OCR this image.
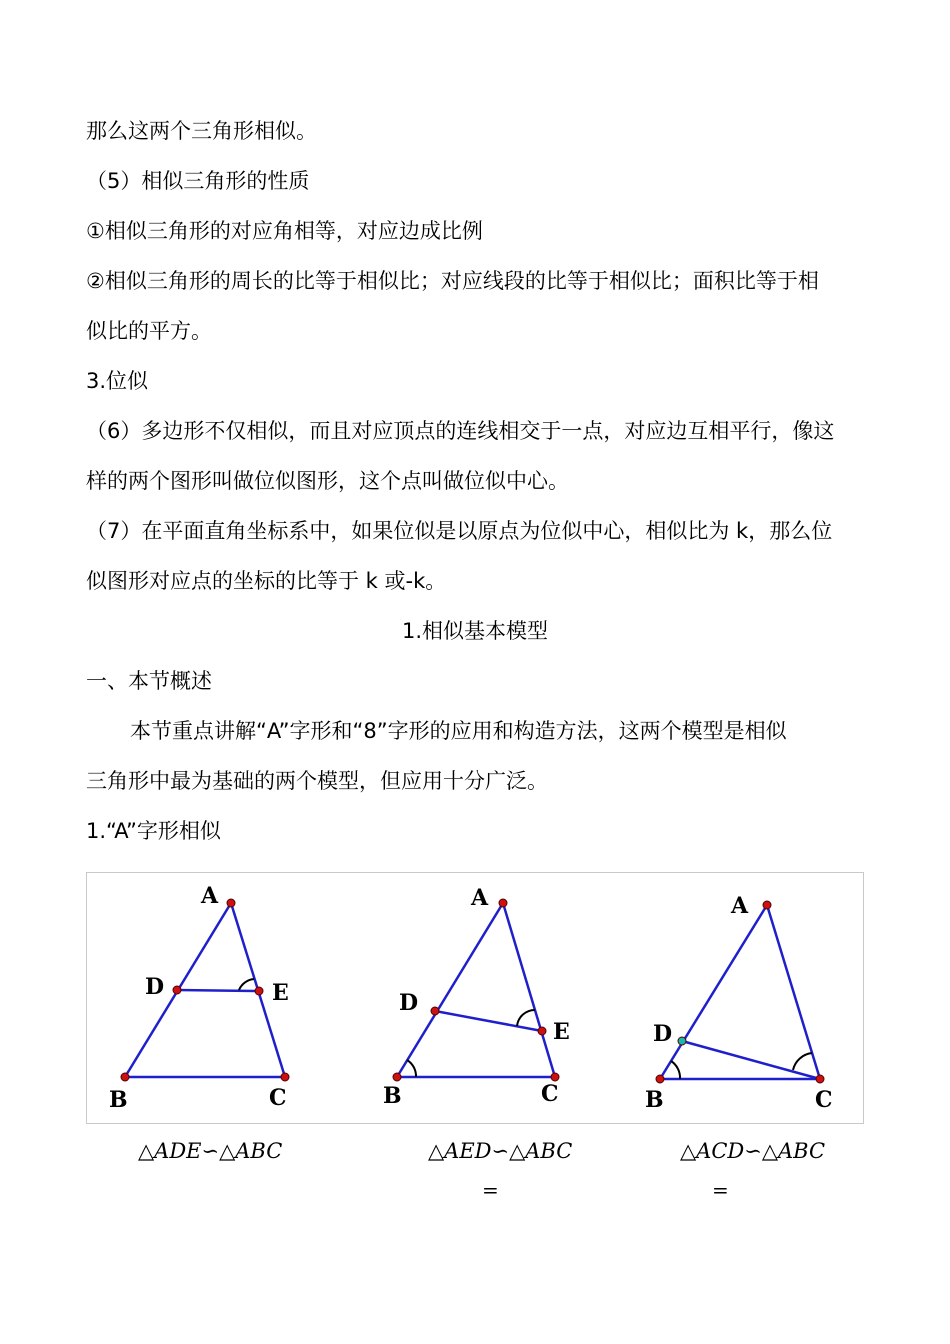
那么这两个三角形相似。
（5）相似三角形的性质
①相似三角形的对应角相等，对应边成比例
②相似三角形的周长的比等于相似比；对应线段的比等于相似比；面积比等于相
似比的平方。
3.位似
（6）多边形不仅相似，而且对应顶点的连线相交于一点，对应边互相平行，像这
样的两个图形叫做位似图形，这个点叫做位似中心。
（7）在平面直角坐标系中，如果位似是以原点为位似中心，相似比为 k，那么位
似图形对应点的坐标的比等于 k 或-k。
1.相似基本模型
一、本节概述
本节重点讲解“A”字形和“8”字形的应用和构造方法，这两个模型是相似
三角形中最为基础的两个模型，但应用十分广泛。
1.“A”字形相似
A
D	E
B	C
A
D
E
B	C
A
D
B	C
△ADE∽△ABC	△AED∽△ABC	△ACD∽△ABC
=	=
